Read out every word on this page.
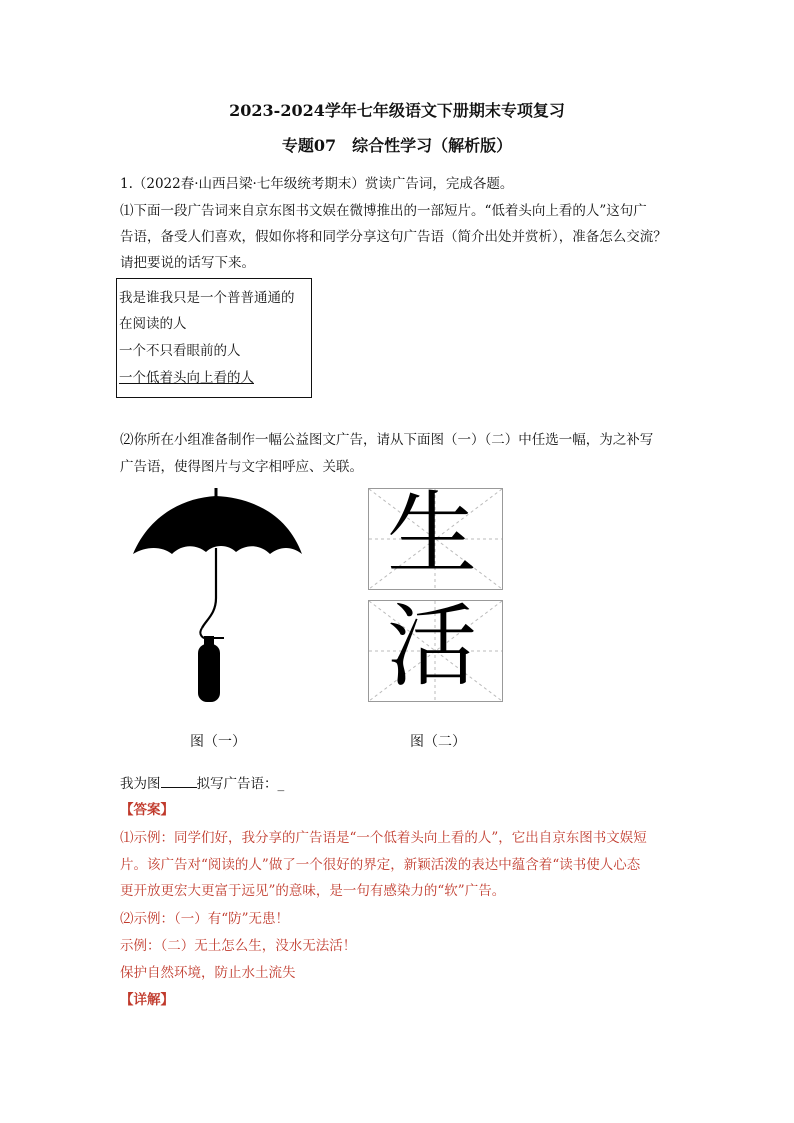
2023-2024学年七年级语文下册期末专项复习
专题07　综合性学习（解析版）
1.（2022春·山西吕梁·七年级统考期末）赏读广告词，完成各题。
⑴下面一段广告词来自京东图书文娱在微博推出的一部短片。“低着头向上看的人”这句广
告语，备受人们喜欢，假如你将和同学分享这句广告语（简介出处并赏析），准备怎么交流？
请把要说的话写下来。
我是谁我只是一个普普通通的
在阅读的人
一个不只看眼前的人
一个低着头向上看的人
⑵你所在小组准备制作一幅公益图文广告，请从下面图（一）（二）中任选一幅，为之补写
广告语，使得图片与文字相呼应、关联。
生
活
图（一）	图（二）
我为图	拟写广告语：_
【答案】
⑴示例：同学们好，我分享的广告语是“一个低着头向上看的人”，它出自京东图书文娱短
片。该广告对“阅读的人”做了一个很好的界定，新颖活泼的表达中蕴含着“读书使人心态
更开放更宏大更富于远见”的意味，是一句有感染力的“软”广告。
⑵示例：（一）有“防”无患！
示例：（二）无土怎么生，没水无法活！
保护自然环境，防止水土流失
【详解】
